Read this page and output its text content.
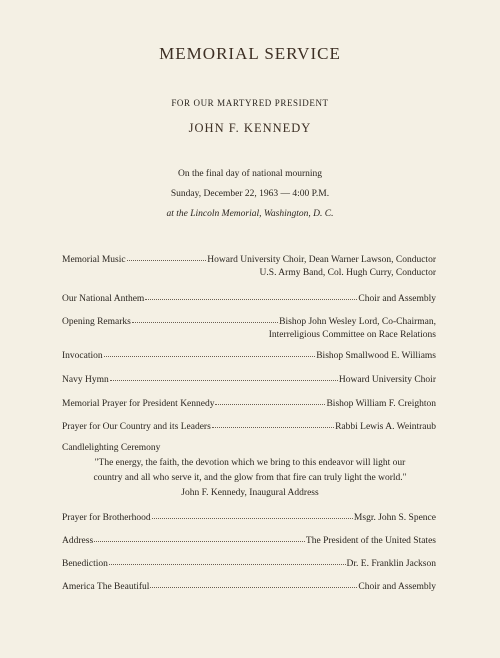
MEMORIAL SERVICE
FOR OUR MARTYRED PRESIDENT
JOHN F. KENNEDY
On the final day of national mourning
Sunday, December 22, 1963 — 4:00 P.M.
at the Lincoln Memorial, Washington, D. C.
Memorial Music	Howard University Choir, Dean Warner Lawson, Conductor
U.S. Army Band, Col. Hugh Curry, Conductor
Our National Anthem	Choir and Assembly
Opening Remarks	Bishop John Wesley Lord, Co-Chairman,
Interreligious Committee on Race Relations
Invocation	Bishop Smallwood E. Williams
Navy Hymn	Howard University Choir
Memorial Prayer for President Kennedy	Bishop William F. Creighton
Prayer for Our Country and its Leaders	Rabbi Lewis A. Weintraub
Candlelighting Ceremony
"The energy, the faith, the devotion which we bring to this endeavor will light our
country and all who serve it, and the glow from that fire can truly light the world."
John F. Kennedy, Inaugural Address
Prayer for Brotherhood	Msgr. John S. Spence
Address	The President of the United States
Benediction	Dr. E. Franklin Jackson
America The Beautiful	Choir and Assembly
